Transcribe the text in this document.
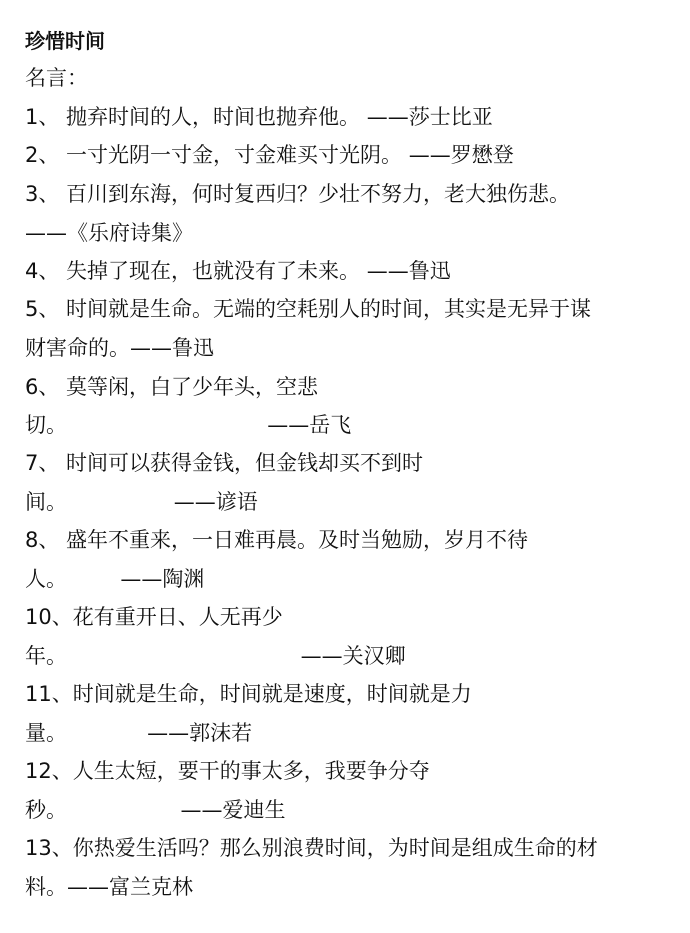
珍惜时间
名言：
1、 抛弃时间的人，时间也抛弃他。 ——莎士比亚
2、 一寸光阴一寸金，寸金难买寸光阴。 ——罗懋登
3、 百川到东海，何时复西归？少壮不努力，老大独伤悲。
——《乐府诗集》
4、 失掉了现在，也就没有了未来。 ——鲁迅
5、 时间就是生命。无端的空耗别人的时间，其实是无异于谋
财害命的。——鲁迅
6、 莫等闲，白了少年头，空悲
切。                              ——岳飞
7、 时间可以获得金钱，但金钱却买不到时
间。                ——谚语
8、 盛年不重来，一日难再晨。及时当勉励，岁月不待
人。        ——陶渊
10、花有重开日、人无再少
年。                                   ——关汉卿
11、时间就是生命，时间就是速度，时间就是力
量。            ——郭沫若
12、人生太短，要干的事太多，我要争分夺
秒。                 ——爱迪生
13、你热爱生活吗？那么别浪费时间，为时间是组成生命的材
料。——富兰克林
